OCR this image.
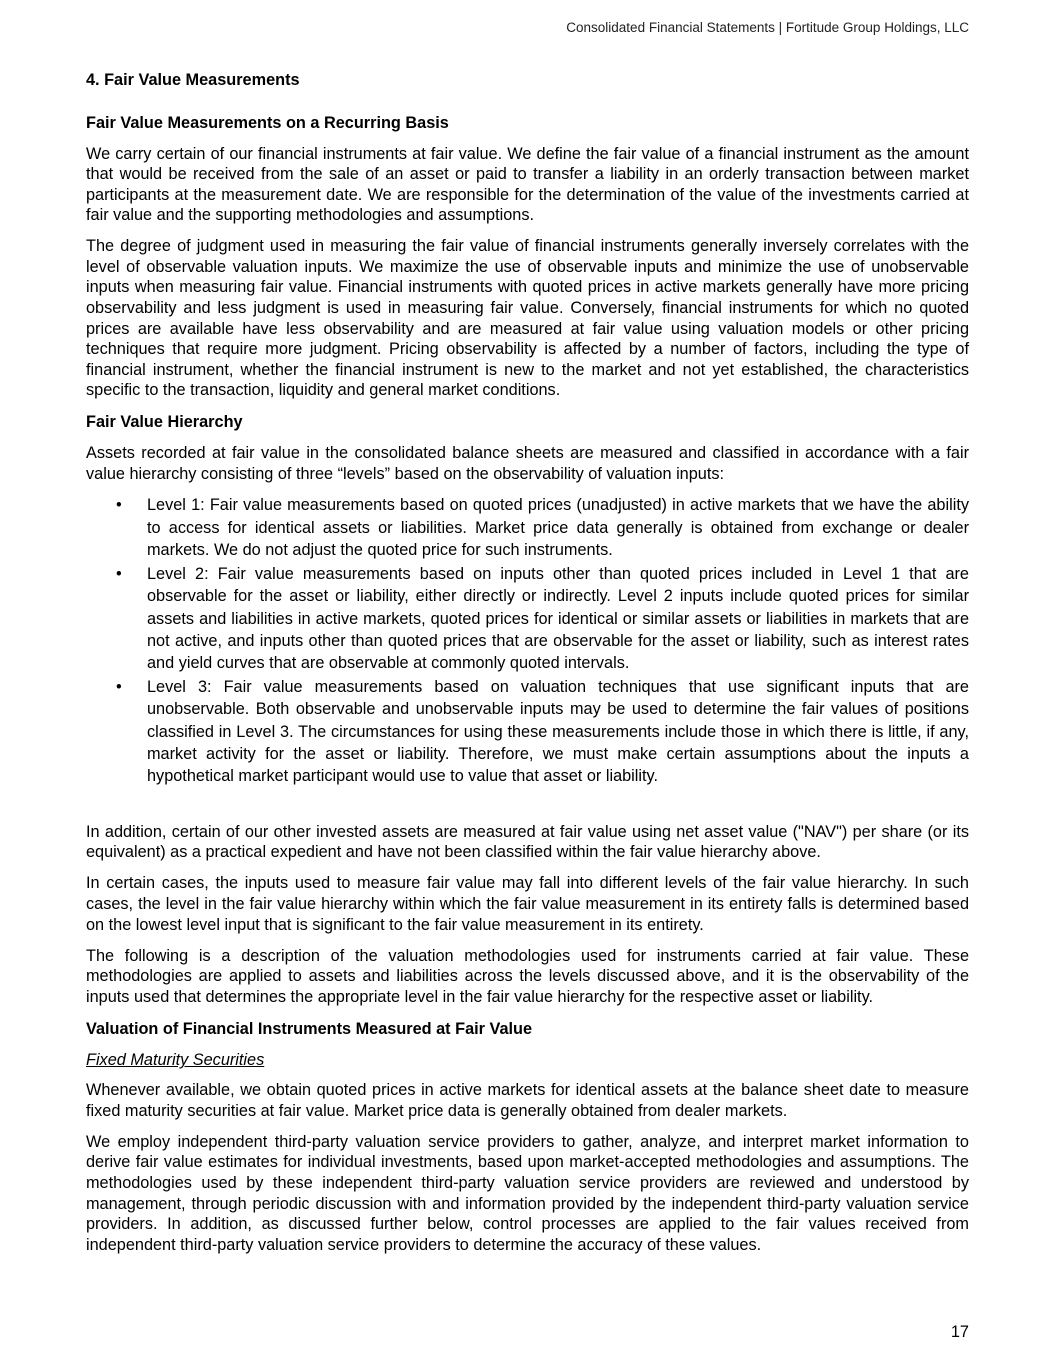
Consolidated Financial Statements | Fortitude Group Holdings, LLC
4. Fair Value Measurements
Fair Value Measurements on a Recurring Basis

We carry certain of our financial instruments at fair value. We define the fair value of a financial instrument as the amount that would be received from the sale of an asset or paid to transfer a liability in an orderly transaction between market participants at the measurement date. We are responsible for the determination of the value of the investments carried at fair value and the supporting methodologies and assumptions.

The degree of judgment used in measuring the fair value of financial instruments generally inversely correlates with the level of observable valuation inputs. We maximize the use of observable inputs and minimize the use of unobservable inputs when measuring fair value. Financial instruments with quoted prices in active markets generally have more pricing observability and less judgment is used in measuring fair value. Conversely, financial instruments for which no quoted prices are available have less observability and are measured at fair value using valuation models or other pricing techniques that require more judgment. Pricing observability is affected by a number of factors, including the type of financial instrument, whether the financial instrument is new to the market and not yet established, the characteristics specific to the transaction, liquidity and general market conditions.

Fair Value Hierarchy

Assets recorded at fair value in the consolidated balance sheets are measured and classified in accordance with a fair value hierarchy consisting of three “levels” based on the observability of valuation inputs:

• Level 1: Fair value measurements based on quoted prices (unadjusted) in active markets that we have the ability to access for identical assets or liabilities. Market price data generally is obtained from exchange or dealer markets. We do not adjust the quoted price for such instruments.
• Level 2: Fair value measurements based on inputs other than quoted prices included in Level 1 that are observable for the asset or liability, either directly or indirectly. Level 2 inputs include quoted prices for similar assets and liabilities in active markets, quoted prices for identical or similar assets or liabilities in markets that are not active, and inputs other than quoted prices that are observable for the asset or liability, such as interest rates and yield curves that are observable at commonly quoted intervals.
• Level 3: Fair value measurements based on valuation techniques that use significant inputs that are unobservable. Both observable and unobservable inputs may be used to determine the fair values of positions classified in Level 3. The circumstances for using these measurements include those in which there is little, if any, market activity for the asset or liability. Therefore, we must make certain assumptions about the inputs a hypothetical market participant would use to value that asset or liability.

In addition, certain of our other invested assets are measured at fair value using net asset value ("NAV") per share (or its equivalent) as a practical expedient and have not been classified within the fair value hierarchy above.

In certain cases, the inputs used to measure fair value may fall into different levels of the fair value hierarchy. In such cases, the level in the fair value hierarchy within which the fair value measurement in its entirety falls is determined based on the lowest level input that is significant to the fair value measurement in its entirety.

The following is a description of the valuation methodologies used for instruments carried at fair value. These methodologies are applied to assets and liabilities across the levels discussed above, and it is the observability of the inputs used that determines the appropriate level in the fair value hierarchy for the respective asset or liability.

Valuation of Financial Instruments Measured at Fair Value
Fixed Maturity Securities

Whenever available, we obtain quoted prices in active markets for identical assets at the balance sheet date to measure fixed maturity securities at fair value. Market price data is generally obtained from dealer markets.

We employ independent third-party valuation service providers to gather, analyze, and interpret market information to derive fair value estimates for individual investments, based upon market-accepted methodologies and assumptions. The methodologies used by these independent third-party valuation service providers are reviewed and understood by management, through periodic discussion with and information provided by the independent third-party valuation service providers. In addition, as discussed further below, control processes are applied to the fair values received from independent third-party valuation service providers to determine the accuracy of these values.

17
